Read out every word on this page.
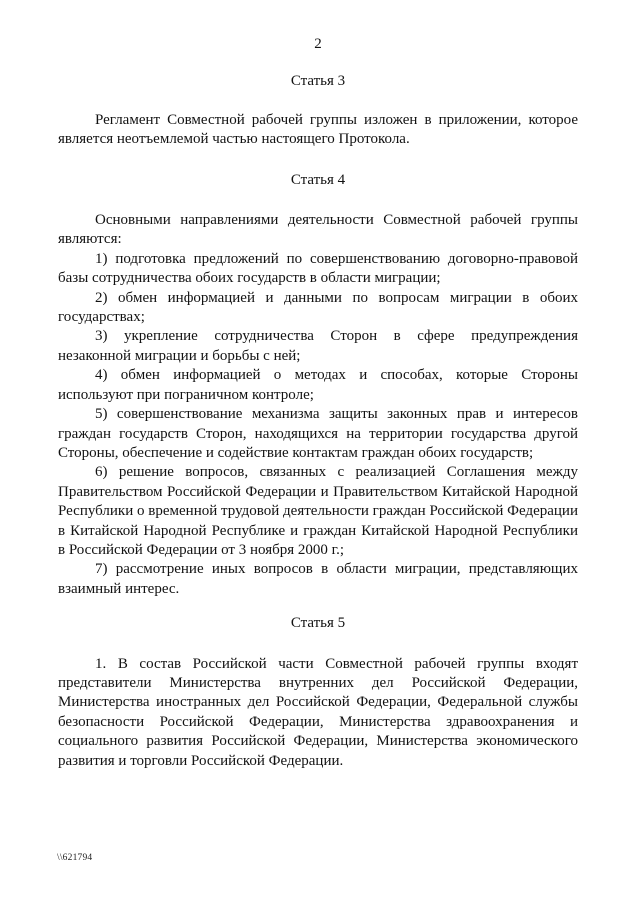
2
Статья 3

Регламент Совместной рабочей группы изложен в приложении, которое является неотъемлемой частью настоящего Протокола.

Статья 4

Основными направлениями деятельности Совместной рабочей группы являются:

1) подготовка предложений по совершенствованию договорно-правовой базы сотрудничества обоих государств в области миграции;

2) обмен информацией и данными по вопросам миграции в обоих государствах;

3) укрепление сотрудничества Сторон в сфере предупреждения незаконной миграции и борьбы с ней;

4) обмен информацией о методах и способах, которые Стороны используют при пограничном контроле;

5) совершенствование механизма защиты законных прав и интересов граждан государств Сторон, находящихся на территории государства другой Стороны, обеспечение и содействие контактам граждан обоих государств;

6) решение вопросов, связанных с реализацией Соглашения между Правительством Российской Федерации и Правительством Китайской Народной Республики о временной трудовой деятельности граждан Российской Федерации в Китайской Народной Республике и граждан Китайской Народной Республики в Российской Федерации от 3 ноября 2000 г.;

7) рассмотрение иных вопросов в области миграции, представляющих взаимный интерес.

Статья 5

1. В состав Российской части Совместной рабочей группы входят представители Министерства внутренних дел Российской Федерации, Министерства иностранных дел Российской Федерации, Федеральной службы безопасности Российской Федерации, Министерства здравоохранения и социального развития Российской Федерации, Министерства экономического развития и торговли Российской Федерации.

\\621794
